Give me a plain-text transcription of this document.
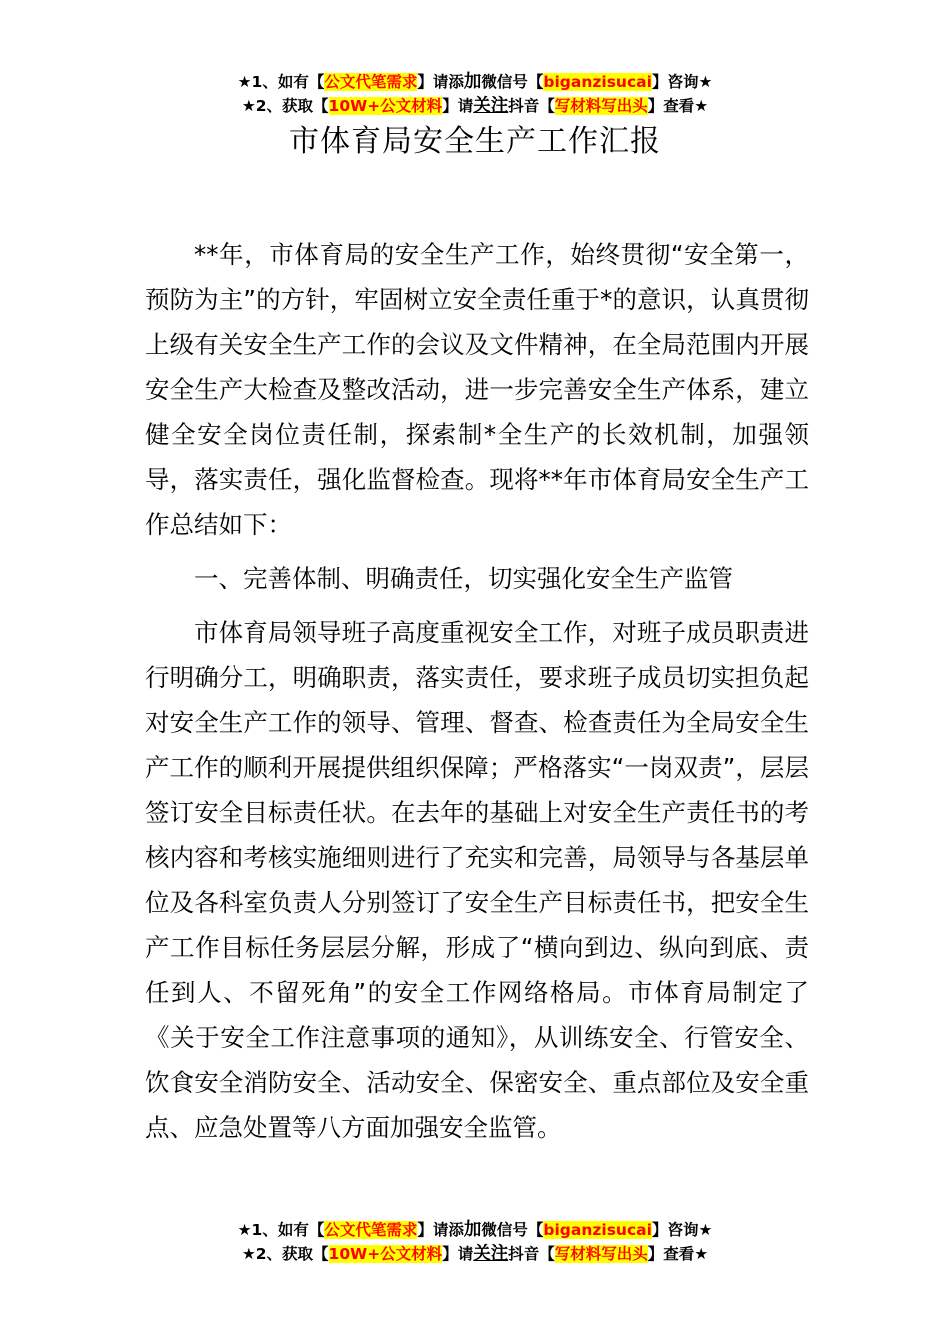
★1、如有【公文代笔需求】请添加微信号【biganzisucai】咨询★
★2、获取【10W+公文材料】请关注抖音【写材料写出头】查看★
市体育局安全生产工作汇报

**年，市体育局的安全生产工作，始终贯彻“安全第一，预防为主”的方针，牢固树立安全责任重于*的意识，认真贯彻上级有关安全生产工作的会议及文件精神，在全局范围内开展安全生产大检查及整改活动，进一步完善安全生产体系，建立健全安全岗位责任制，探索制*全生产的长效机制，加强领导，落实责任，强化监督检查。现将**年市体育局安全生产工作总结如下：

一、完善体制、明确责任，切实强化安全生产监管

市体育局领导班子高度重视安全工作，对班子成员职责进行明确分工，明确职责，落实责任，要求班子成员切实担负起对安全生产工作的领导、管理、督查、检查责任为全局安全生产工作的顺利开展提供组织保障；严格落实“一岗双责”，层层签订安全目标责任状。在去年的基础上对安全生产责任书的考核内容和考核实施细则进行了充实和完善，局领导与各基层单位及各科室负责人分别签订了安全生产目标责任书，把安全生产工作目标任务层层分解，形成了“横向到边、纵向到底、责任到人、不留死角”的安全工作网络格局。市体育局制定了《关于安全工作注意事项的通知》，从训练安全、行管安全、饮食安全消防安全、活动安全、保密安全、重点部位及安全重点、应急处置等八方面加强安全监管。

★1、如有【公文代笔需求】请添加微信号【biganzisucai】咨询★
★2、获取【10W+公文材料】请关注抖音【写材料写出头】查看★
